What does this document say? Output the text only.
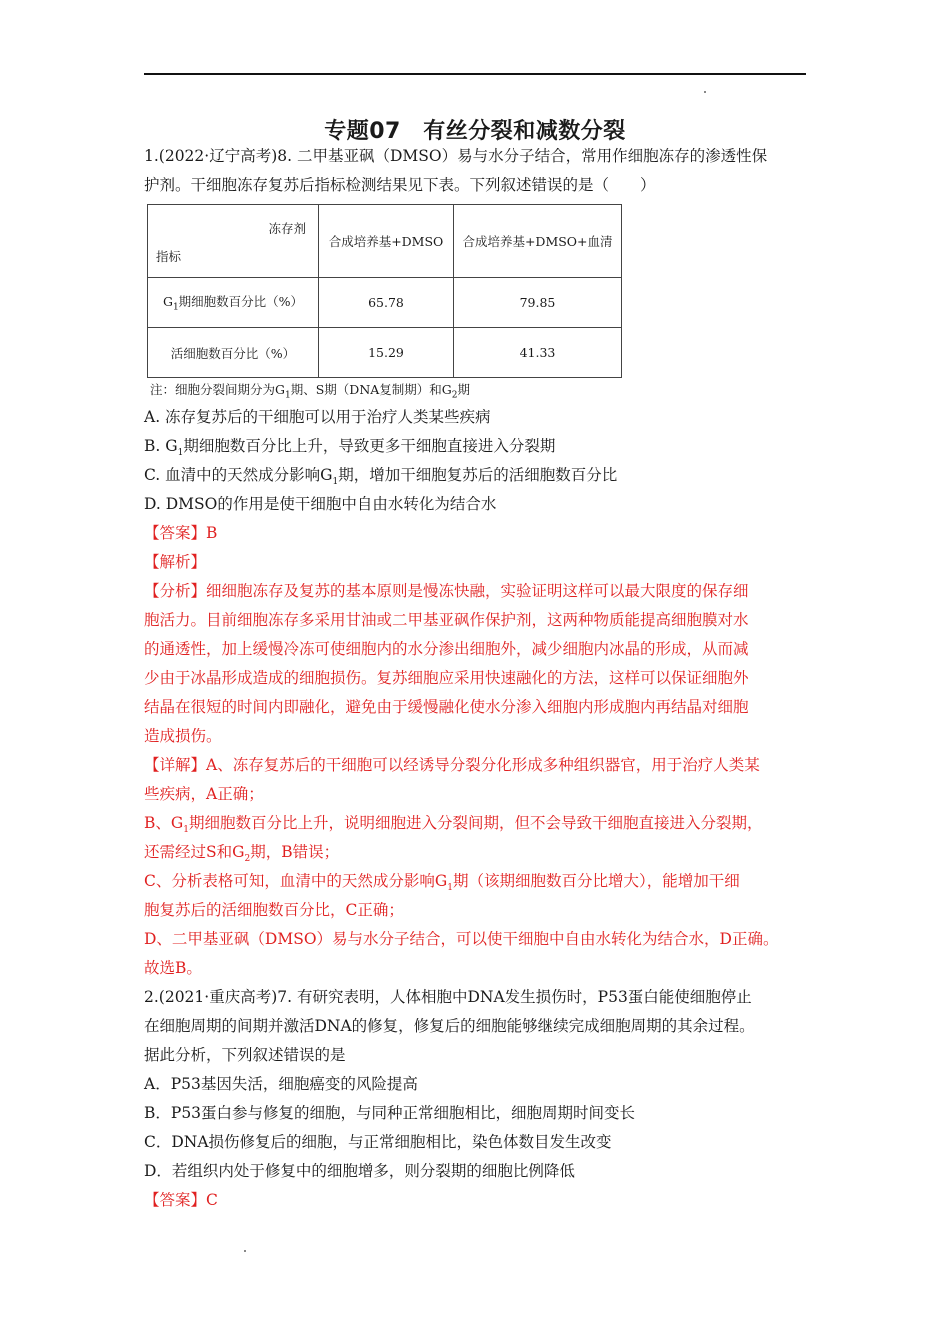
专题07　有丝分裂和减数分裂
1.(2022·辽宁高考)8. 二甲基亚砜（DMSO）易与水分子结合，常用作细胞冻存的渗透性保
护剂。干细胞冻存复苏后指标检测结果见下表。下列叙述错误的是（　　）
冻存剂
指标	合成培养基+DMSO	合成培养基+DMSO+血清
$G_1$期细胞数百分比（%）	65.78	79.85
活细胞数百分比（%）	15.29	41.33
注：细胞分裂间期分为$G_1$期、S期（DNA复制期）和$G_2$期
A. 冻存复苏后的干细胞可以用于治疗人类某些疾病
B. $G_1$期细胞数百分比上升，导致更多干细胞直接进入分裂期
C. 血清中的天然成分影响$G_1$期，增加干细胞复苏后的活细胞数百分比
D. DMSO的作用是使干细胞中自由水转化为结合水
【答案】B
【解析】
【分析】细细胞冻存及复苏的基本原则是慢冻快融，实验证明这样可以最大限度的保存细
胞活力。目前细胞冻存多采用甘油或二甲基亚砜作保护剂，这两种物质能提高细胞膜对水
的通透性，加上缓慢冷冻可使细胞内的水分渗出细胞外，减少细胞内冰晶的形成，从而减
少由于冰晶形成造成的细胞损伤。复苏细胞应采用快速融化的方法，这样可以保证细胞外
结晶在很短的时间内即融化，避免由于缓慢融化使水分渗入细胞内形成胞内再结晶对细胞
造成损伤。
【详解】A、冻存复苏后的干细胞可以经诱导分裂分化形成多种组织器官，用于治疗人类某
些疾病，A正确；
B、$G_1$期细胞数百分比上升，说明细胞进入分裂间期，但不会导致干细胞直接进入分裂期，
还需经过S和$G_2$期，B错误；
C、分析表格可知，血清中的天然成分影响$G_1$期（该期细胞数百分比增大），能增加干细
胞复苏后的活细胞数百分比，C正确；
D、二甲基亚砜（DMSO）易与水分子结合，可以使干细胞中自由水转化为结合水，D正确。
故选B。
2.(2021·重庆高考)7. 有研究表明，人体相胞中DNA发生损伤时，P53蛋白能使细胞停止
在细胞周期的间期并激活DNA的修复，修复后的细胞能够继续完成细胞周期的其余过程。
据此分析，下列叙述错误的是
A．P53基因失活，细胞癌变的风险提高
B．P53蛋白参与修复的细胞，与同种正常细胞相比，细胞周期时间变长
C．DNA损伤修复后的细胞，与正常细胞相比，染色体数目发生改变
D．若组织内处于修复中的细胞增多，则分裂期的细胞比例降低
【答案】C
